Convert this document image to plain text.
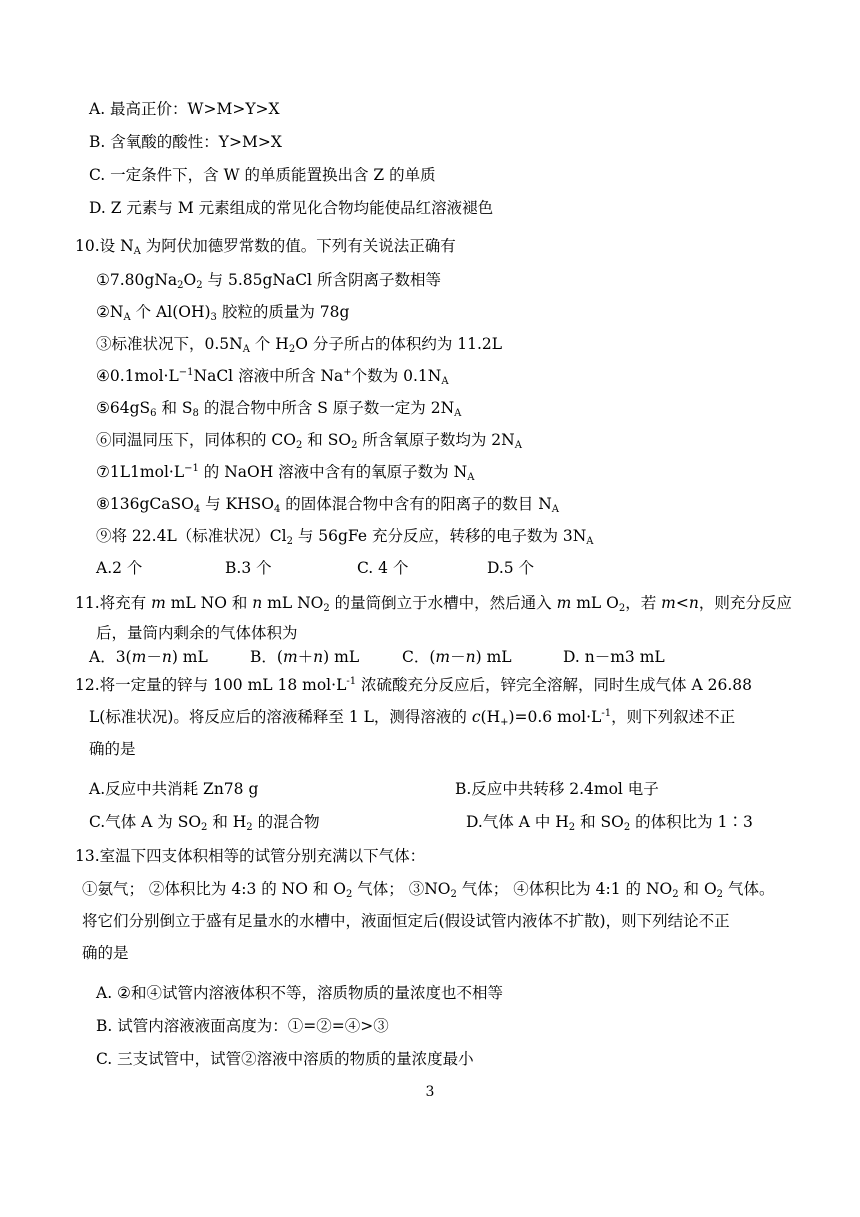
A. 最高正价：W>M>Y>X
B. 含氧酸的酸性：Y>M>X
C. 一定条件下，含 W 的单质能置换出含 Z 的单质
D. Z 元素与 M 元素组成的常见化合物均能使品红溶液褪色
10.设 $N_A$ 为阿伏加德罗常数的值。下列有关说法正确有
$①7.80gNa_2O_2$ 与 5.85gNaCl 所含阴离子数相等
$②N_A$ 个 $Al(OH)_3$ 胶粒的质量为 78g
③标准状况下，$0.5N_A$ 个 $H_2O$ 分子所占的体积约为 11.2L
$④0.1mol\cdot L^{-1}NaCl$ 溶液中所含 Na+个数为 $0.1N_A$
$⑤64gS_6$ 和 $S_8$ 的混合物中所含 S 原子数一定为 $2N_A$
⑥同温同压下，同体积的 $CO_2$ 和 $SO_2$ 所含氧原子数均为 $2N_A$
$⑦1L1mol\cdot L^{-1}$ 的 NaOH 溶液中含有的氧原子数为 $N_A$
⑧136gCaSO$_4$ 与 $KHSO_4$ 的固体混合物中含有的阳离子的数目 $N_A$
⑨将 22.4L（标准状况）$Cl_2$ 与 56gFe 充分反应，转移的电子数为 $3N_A$
A.2 个	B.3 个	C. 4 个	D.5 个
11.将充有 m mL NO 和 n mL $NO_2$ 的量筒倒立于水槽中，然后通入 m mL $O_2$，若 m<n，则充分反应
后，量筒内剩余的气体体积为
A．3(m－n) mL	B．(m＋n) mL	C．(m－n) mL	D. n－m3 mL
12.将一定量的锌与 100 mL 18 $mol\cdot L^{-1}$ 浓硫酸充分反应后，锌完全溶解，同时生成气体 A 26.88
L(标准状况)。将反应后的溶液稀释至 1 L，测得溶液的 $c(H_+)=0.6$ $mol\cdot L^{-1}$，则下列叙述不正
确的是
A.反应中共消耗 Zn78 g	B.反应中共转移 2.4mol 电子
C.气体 A 为 $SO_2$ 和 $H_2$ 的混合物	D.气体 A 中 $H_2$ 和 $SO_2$ 的体积比为 1∶3
13.室温下四支体积相等的试管分别充满以下气体：
①氨气； ②体积比为 4:3 的 NO 和 $O_2$ 气体； $③NO_2$ 气体； ④体积比为 4:1 的 $NO_2$ 和 $O_2$ 气体。
将它们分别倒立于盛有足量水的水槽中，液面恒定后(假设试管内液体不扩散)，则下列结论不正
确的是
A. ②和④试管内溶液体积不等，溶质物质的量浓度也不相等
B. 试管内溶液液面高度为：①=②=④>③
C. 三支试管中，试管②溶液中溶质的物质的量浓度最小
3
